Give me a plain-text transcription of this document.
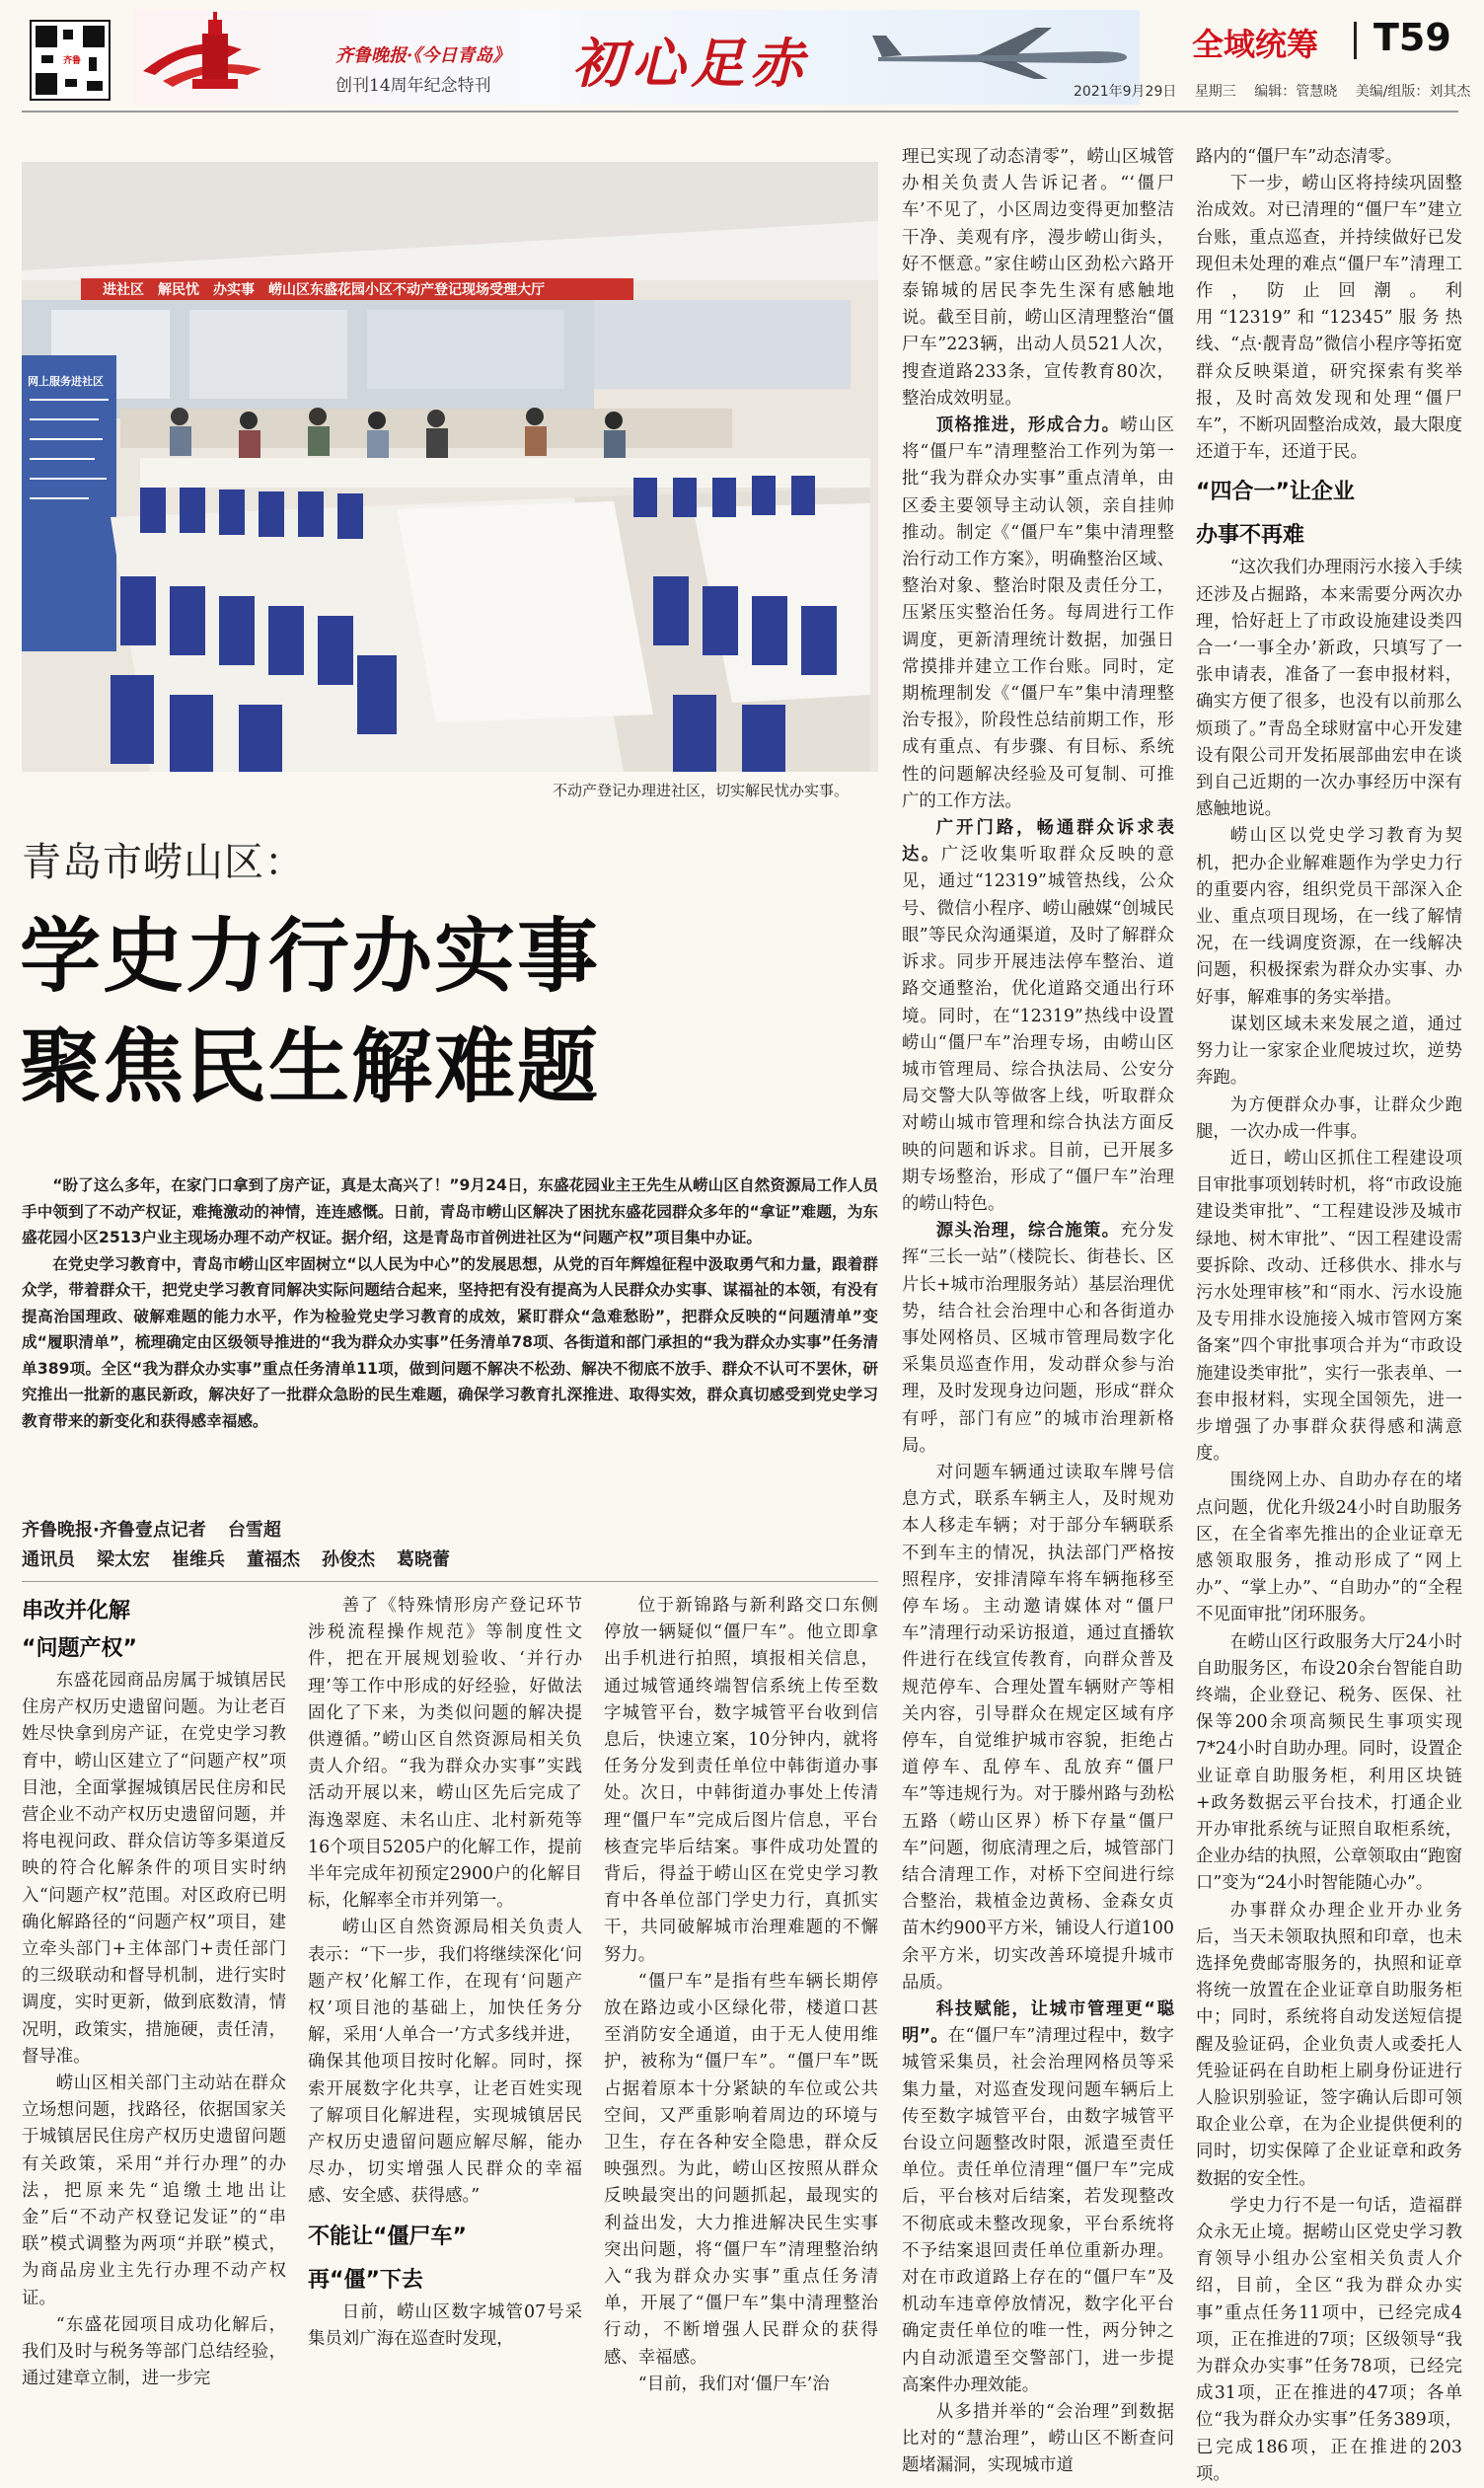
齐鲁	齐鲁晚报·《今日青岛》
创刊14周年纪念特刊 初心足赤	全域统筹 T59
2021年9月29日 星期三 编辑：管慧晓 美编/组版：刘其杰
进社区　解民忧　办实事　崂山区东盛花园小区不动产登记现场受理大厅
网上服务进社区
不动产登记办理进社区，切实解民忧办实事。
青岛市崂山区：
学史力行办实事
聚焦民生解难题

“盼了这么多年，在家门口拿到了房产证，真是太高兴了！”9月24日，东盛花园业主王先生从崂山区自然资源局工作人员手中领到了不动产权证，难掩激动的神情，连连感慨。日前，青岛市崂山区解决了困扰东盛花园群众多年的“拿证”难题，为东盛花园小区2513户业主现场办理不动产权证。据介绍，这是青岛市首例进社区为“问题产权”项目集中办证。

在党史学习教育中，青岛市崂山区牢固树立“以人民为中心”的发展思想，从党的百年辉煌征程中汲取勇气和力量，跟着群众学，带着群众干，把党史学习教育同解决实际问题结合起来，坚持把有没有提高为人民群众办实事、谋福祉的本领，有没有提高治国理政、破解难题的能力水平，作为检验党史学习教育的成效，紧盯群众“急难愁盼”，把群众反映的“问题清单”变成“履职清单”，梳理确定由区级领导推进的“我为群众办实事”任务清单78项、各街道和部门承担的“我为群众办实事”任务清单389项。全区“我为群众办实事”重点任务清单11项，做到问题不解决不松劲、解决不彻底不放手、群众不认可不罢休，研究推出一批新的惠民新政，解决好了一批群众急盼的民生难题，确保学习教育扎深推进、取得实效，群众真切感受到党史学习教育带来的新变化和获得感幸福感。

齐鲁晚报·齐鲁壹点记者 台雪超
通讯员 梁太宏 崔维兵 董福杰 孙俊杰 葛晓蕾
串改并化解
“问题产权”

东盛花园商品房属于城镇居民住房产权历史遗留问题。为让老百姓尽快拿到房产证，在党史学习教育中，崂山区建立了“问题产权”项目池，全面掌握城镇居民住房和民营企业不动产权历史遗留问题，并将电视问政、群众信访等多渠道反映的符合化解条件的项目实时纳入“问题产权”范围。对区政府已明确化解路径的“问题产权”项目，建立牵头部门+主体部门+责任部门的三级联动和督导机制，进行实时调度，实时更新，做到底数清，情况明，政策实，措施硬，责任清，督导准。

崂山区相关部门主动站在群众立场想问题，找路径，依据国家关于城镇居民住房产权历史遗留问题有关政策，采用“并行办理”的办法，把原来先“追缴土地出让金”后“不动产权登记发证”的“串联”模式调整为两项“并联”模式，为商品房业主先行办理不动产权证。

“东盛花园项目成功化解后，我们及时与税务等部门总结经验，通过建章立制，进一步完

善了《特殊情形房产登记环节涉税流程操作规范》等制度性文件，把在开展规划验收、‘并行办理’等工作中形成的好经验，好做法固化了下来，为类似问题的解决提供遵循。”崂山区自然资源局相关负责人介绍。“我为群众办实事”实践活动开展以来，崂山区先后完成了海逸翠庭、未名山庄、北村新苑等16个项目5205户的化解工作，提前半年完成年初预定2900户的化解目标，化解率全市并列第一。

崂山区自然资源局相关负责人表示：“下一步，我们将继续深化‘问题产权’化解工作，在现有‘问题产权’项目池的基础上，加快任务分解，采用‘人单合一’方式多线并进，确保其他项目按时化解。同时，探索开展数字化共享，让老百姓实现了解项目化解进程，实现城镇居民产权历史遗留问题应解尽解，能办尽办，切实增强人民群众的幸福感、安全感、获得感。”

不能让“僵尸车”
再“僵”下去

日前，崂山区数字城管07号采集员刘广海在巡查时发现，

位于新锦路与新利路交口东侧停放一辆疑似“僵尸车”。他立即拿出手机进行拍照，填报相关信息，通过城管通终端智信系统上传至数字城管平台，数字城管平台收到信息后，快速立案，10分钟内，就将任务分发到责任单位中韩街道办事处。次日，中韩街道办事处上传清理“僵尸车”完成后图片信息，平台核查完毕后结案。事件成功处置的背后，得益于崂山区在党史学习教育中各单位部门学史力行，真抓实干，共同破解城市治理难题的不懈努力。

“僵尸车”是指有些车辆长期停放在路边或小区绿化带，楼道口甚至消防安全通道，由于无人使用维护，被称为“僵尸车”。“僵尸车”既占据着原本十分紧缺的车位或公共空间，又严重影响着周边的环境与卫生，存在各种安全隐患，群众反映强烈。为此，崂山区按照从群众反映最突出的问题抓起，最现实的利益出发，大力推进解决民生实事突出问题，将“僵尸车”清理整治纳入“我为群众办实事”重点任务清单，开展了“僵尸车”集中清理整治行动，不断增强人民群众的获得感、幸福感。

“目前，我们对‘僵尸车’治

理已实现了动态清零”，崂山区城管办相关负责人告诉记者。“‘僵尸车’不见了，小区周边变得更加整洁干净、美观有序，漫步崂山街头，好不惬意。”家住崂山区劲松六路开泰锦城的居民李先生深有感触地说。截至目前，崂山区清理整治“僵尸车”223辆，出动人员521人次，搜查道路233条，宣传教育80次，整治成效明显。

顶格推进，形成合力。崂山区将“僵尸车”清理整治工作列为第一批“我为群众办实事”重点清单，由区委主要领导主动认领，亲自挂帅推动。制定《“僵尸车”集中清理整治行动工作方案》，明确整治区域、整治对象、整治时限及责任分工，压紧压实整治任务。每周进行工作调度，更新清理统计数据，加强日常摸排并建立工作台账。同时，定期梳理制发《“僵尸车”集中清理整治专报》，阶段性总结前期工作，形成有重点、有步骤、有目标、系统性的问题解决经验及可复制、可推广的工作方法。

广开门路，畅通群众诉求表达。广泛收集听取群众反映的意见，通过“12319”城管热线，公众号、微信小程序、崂山融媒“创城民眼”等民众沟通渠道，及时了解群众诉求。同步开展违法停车整治、道路交通整治，优化道路交通出行环境。同时，在“12319”热线中设置崂山“僵尸车”治理专场，由崂山区城市管理局、综合执法局、公安分局交警大队等做客上线，听取群众对崂山城市管理和综合执法方面反映的问题和诉求。目前，已开展多期专场整治，形成了“僵尸车”治理的崂山特色。

源头治理，综合施策。充分发挥“三长一站”（楼院长、街巷长、区片长+城市治理服务站）基层治理优势，结合社会治理中心和各街道办事处网格员、区城市管理局数字化采集员巡查作用，发动群众参与治理，及时发现身边问题，形成“群众有呼，部门有应”的城市治理新格局。

对问题车辆通过读取车牌号信息方式，联系车辆主人，及时规劝本人移走车辆；对于部分车辆联系不到车主的情况，执法部门严格按照程序，安排清障车将车辆拖移至停车场。主动邀请媒体对“僵尸车”清理行动采访报道，通过直播软件进行在线宣传教育，向群众普及规范停车、合理处置车辆财产等相关内容，引导群众在规定区域有序停车，自觉维护城市容貌，拒绝占道停车、乱停车、乱放弃“僵尸车”等违规行为。对于滕州路与劲松五路（崂山区界）桥下存量“僵尸车”问题，彻底清理之后，城管部门结合清理工作，对桥下空间进行综合整治，栽植金边黄杨、金森女贞苗木约900平方米，铺设人行道100余平方米，切实改善环境提升城市品质。

科技赋能，让城市管理更“聪明”。在“僵尸车”清理过程中，数字城管采集员，社会治理网格员等采集力量，对巡查发现问题车辆后上传至数字城管平台，由数字城管平台设立问题整改时限，派遣至责任单位。责任单位清理“僵尸车”完成后，平台核对后结案，若发现整改不彻底或未整改现象，平台系统将不予结案退回责任单位重新办理。对在市政道路上存在的“僵尸车”及机动车违章停放情况，数字化平台确定责任单位的唯一性，两分钟之内自动派遣至交警部门，进一步提高案件办理效能。

从多措并举的“会治理”到数据比对的“慧治理”，崂山区不断查问题堵漏洞，实现城市道

路内的“僵尸车”动态清零。

下一步，崂山区将持续巩固整治成效。对已清理的“僵尸车”建立台账，重点巡查，并持续做好已发现但未处理的难点“僵尸车”清理工作，防止回潮。利用“12319”和“12345”服务热线、“点·靓青岛”微信小程序等拓宽群众反映渠道，研究探索有奖举报，及时高效发现和处理“僵尸车”，不断巩固整治成效，最大限度还道于车，还道于民。

“四合一”让企业
办事不再难

“这次我们办理雨污水接入手续还涉及占掘路，本来需要分两次办理，恰好赶上了市政设施建设类四合一‘一事全办’新政，只填写了一张申请表，准备了一套申报材料，确实方便了很多，也没有以前那么烦琐了。”青岛全球财富中心开发建设有限公司开发拓展部曲宏申在谈到自己近期的一次办事经历中深有感触地说。

崂山区以党史学习教育为契机，把办企业解难题作为学史力行的重要内容，组织党员干部深入企业、重点项目现场，在一线了解情况，在一线调度资源，在一线解决问题，积极探索为群众办实事、办好事，解难事的务实举措。

谋划区域未来发展之道，通过努力让一家家企业爬坡过坎，逆势奔跑。

为方便群众办事，让群众少跑腿，一次办成一件事。

近日，崂山区抓住工程建设项目审批事项划转时机，将“市政设施建设类审批”、“工程建设涉及城市绿地、树木审批”、“因工程建设需要拆除、改动、迁移供水、排水与污水处理审核”和“雨水、污水设施及专用排水设施接入城市管网方案备案”四个审批事项合并为“市政设施建设类审批”，实行一张表单、一套申报材料，实现全国领先，进一步增强了办事群众获得感和满意度。

围绕网上办、自助办存在的堵点问题，优化升级24小时自助服务区，在全省率先推出的企业证章无感领取服务，推动形成了“网上办”、“掌上办”、“自助办”的“全程不见面审批”闭环服务。

在崂山区行政服务大厅24小时自助服务区，布设20余台智能自助终端，企业登记、税务、医保、社保等200余项高频民生事项实现7*24小时自助办理。同时，设置企业证章自助服务柜，利用区块链+政务数据云平台技术，打通企业开办审批系统与证照自取柜系统，企业办结的执照，公章领取由“跑窗口”变为“24小时智能随心办”。

办事群众办理企业开办业务后，当天未领取执照和印章，也未选择免费邮寄服务的，执照和证章将统一放置在企业证章自助服务柜中；同时，系统将自动发送短信提醒及验证码，企业负责人或委托人凭验证码在自助柜上刷身份证进行人脸识别验证，签字确认后即可领取企业公章，在为企业提供便利的同时，切实保障了企业证章和政务数据的安全性。

学史力行不是一句话，造福群众永无止境。据崂山区党史学习教育领导小组办公室相关负责人介绍，目前，全区“我为群众办实事”重点任务11项中，已经完成4项，正在推进的7项；区级领导“我为群众办实事”任务78项，已经完成31项，正在推进的47项；各单位“我为群众办实事”任务389项，已完成186项，正在推进的203项。
